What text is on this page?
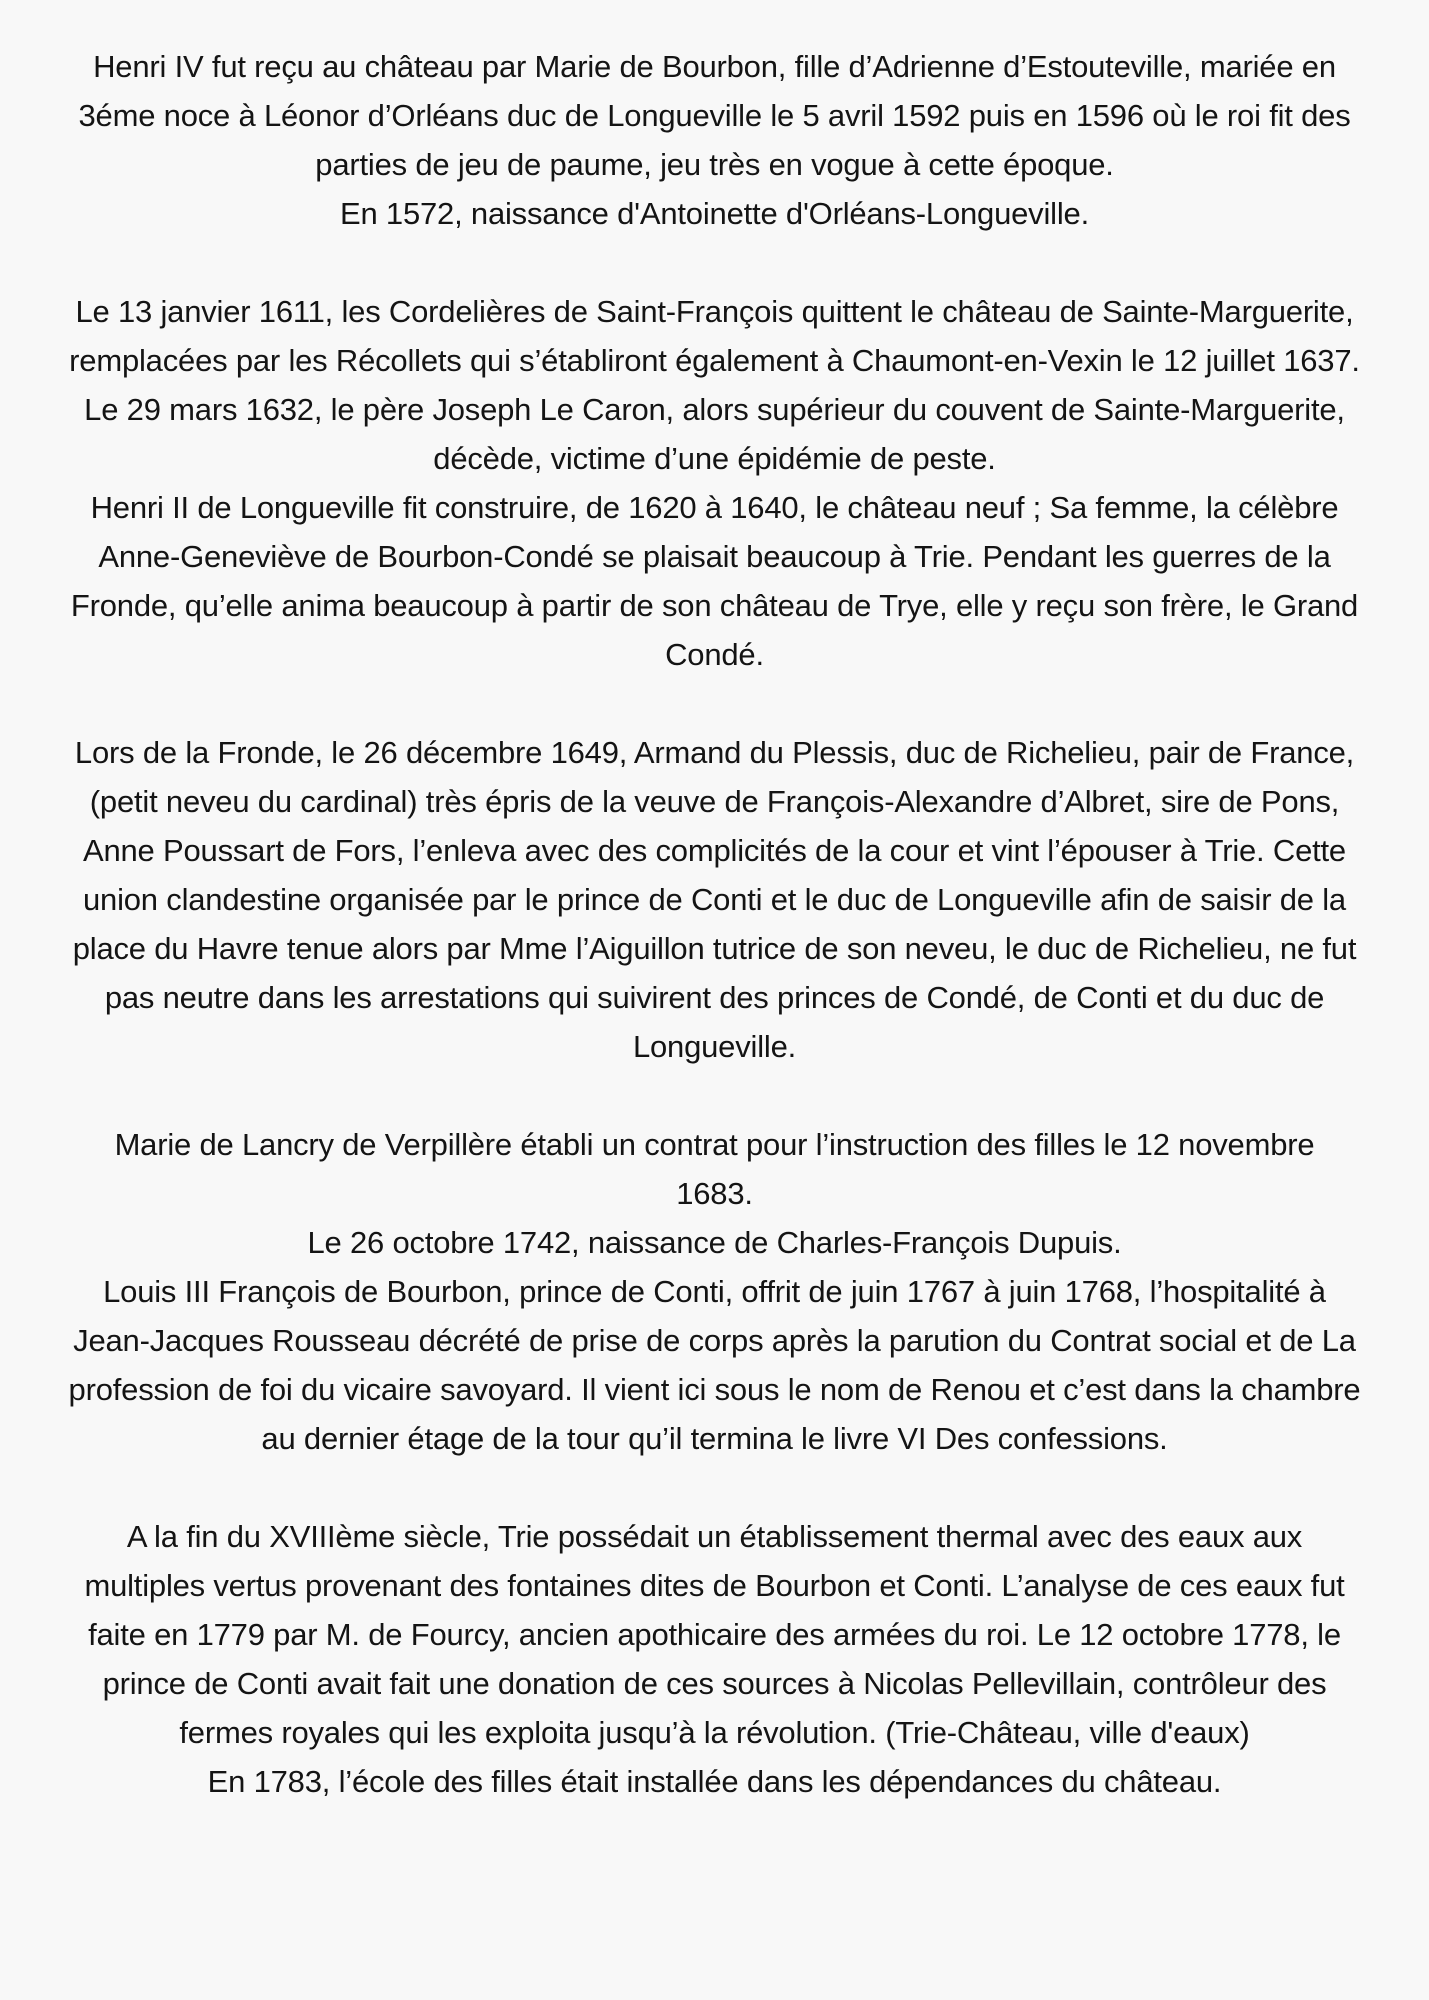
Henri IV fut reçu au château par Marie de Bourbon, fille d’Adrienne d’Estouteville, mariée en
3éme noce à Léonor d’Orléans duc de Longueville le 5 avril 1592 puis en 1596 où le roi fit des
parties de jeu de paume, jeu très en vogue à cette époque.
En 1572, naissance d'Antoinette d'Orléans-Longueville.

Le 13 janvier 1611, les Cordelières de Saint-François quittent le château de Sainte-Marguerite,
remplacées par les Récollets qui s’établiront également à Chaumont-en-Vexin le 12 juillet 1637.
Le 29 mars 1632, le père Joseph Le Caron, alors supérieur du couvent de Sainte-Marguerite,
décède, victime d’une épidémie de peste.
Henri II de Longueville fit construire, de 1620 à 1640, le château neuf ; Sa femme, la célèbre
Anne-Geneviève de Bourbon-Condé se plaisait beaucoup à Trie. Pendant les guerres de la
Fronde, qu’elle anima beaucoup à partir de son château de Trye, elle y reçu son frère, le Grand
Condé.

Lors de la Fronde, le 26 décembre 1649, Armand du Plessis, duc de Richelieu, pair de France,
(petit neveu du cardinal) très épris de la veuve de François-Alexandre d’Albret, sire de Pons,
Anne Poussart de Fors, l’enleva avec des complicités de la cour et vint l’épouser à Trie. Cette
union clandestine organisée par le prince de Conti et le duc de Longueville afin de saisir de la
place du Havre tenue alors par Mme l’Aiguillon tutrice de son neveu, le duc de Richelieu, ne fut
pas neutre dans les arrestations qui suivirent des princes de Condé, de Conti et du duc de
Longueville.

Marie de Lancry de Verpillère établi un contrat pour l’instruction des filles le 12 novembre
1683.
Le 26 octobre 1742, naissance de Charles-François Dupuis.
Louis III François de Bourbon, prince de Conti, offrit de juin 1767 à juin 1768, l’hospitalité à
Jean-Jacques Rousseau décrété de prise de corps après la parution du Contrat social et de La
profession de foi du vicaire savoyard. Il vient ici sous le nom de Renou et c’est dans la chambre
au dernier étage de la tour qu’il termina le livre VI Des confessions.

A la fin du XVIIIème siècle, Trie possédait un établissement thermal avec des eaux aux
multiples vertus provenant des fontaines dites de Bourbon et Conti. L’analyse de ces eaux fut
faite en 1779 par M. de Fourcy, ancien apothicaire des armées du roi. Le 12 octobre 1778, le
prince de Conti avait fait une donation de ces sources à Nicolas Pellevillain, contrôleur des
fermes royales qui les exploita jusqu’à la révolution. (Trie-Château, ville d'eaux)
En 1783, l’école des filles était installée dans les dépendances du château.
